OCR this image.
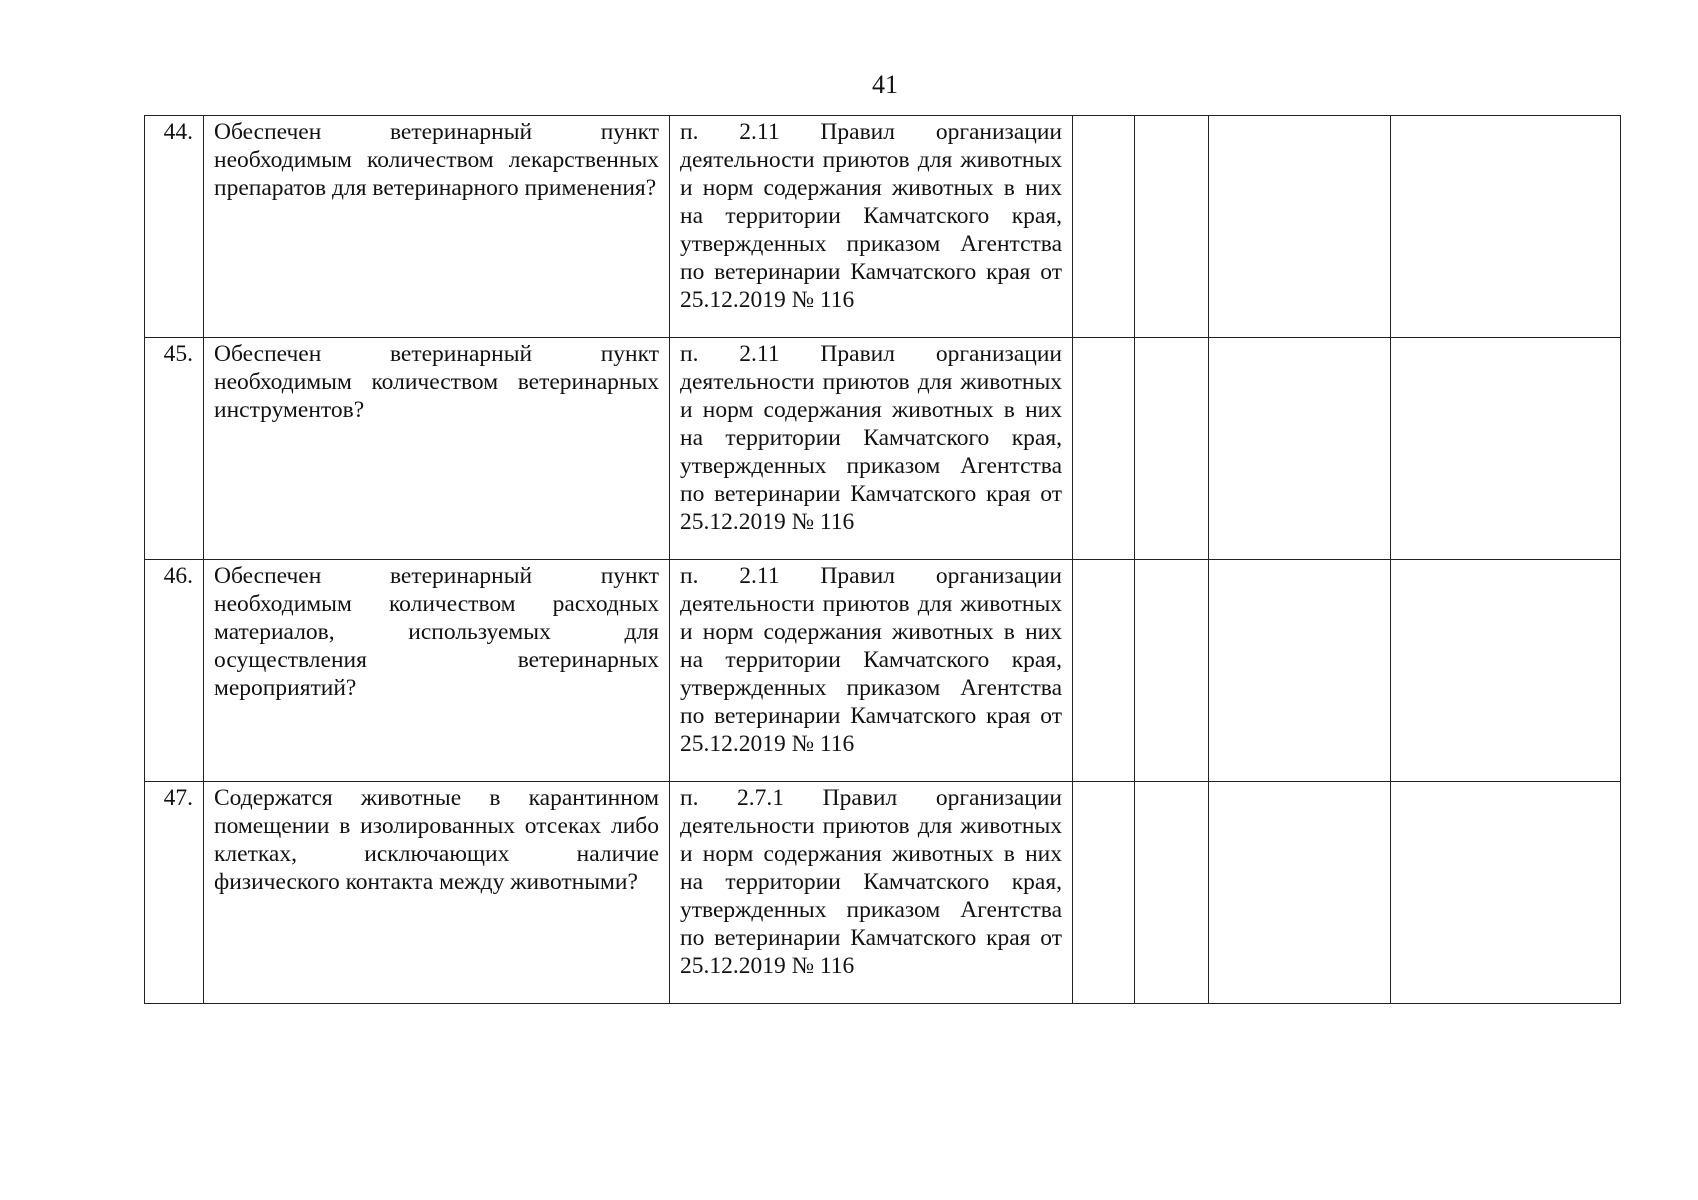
41
44.	Обеспечен ветеринарный пункт необходимым количеством лекарственных препаратов для ветеринарного применения?	п. 2.11 Правил организации деятельности приютов для животных и норм содержания животных в них на территории Камчатского края, утвержденных приказом Агентства по ветеринарии Камчатского края от 25.12.2019 № 116				
45.	Обеспечен ветеринарный пункт необходимым количеством ветеринарных инструментов?	п. 2.11 Правил организации деятельности приютов для животных и норм содержания животных в них на территории Камчатского края, утвержденных приказом Агентства по ветеринарии Камчатского края от 25.12.2019 № 116				
46.	Обеспечен ветеринарный пункт необходимым количеством расходных материалов, используемых для осуществления ветеринарных мероприятий?	п. 2.11 Правил организации деятельности приютов для животных и норм содержания животных в них на территории Камчатского края, утвержденных приказом Агентства по ветеринарии Камчатского края от 25.12.2019 № 116				
47.	Содержатся животные в карантинном помещении в изолированных отсеках либо клетках, исключающих наличие физического контакта между животными?	п. 2.7.1 Правил организации деятельности приютов для животных и норм содержания животных в них на территории Камчатского края, утвержденных приказом Агентства по ветеринарии Камчатского края от 25.12.2019 № 116				
